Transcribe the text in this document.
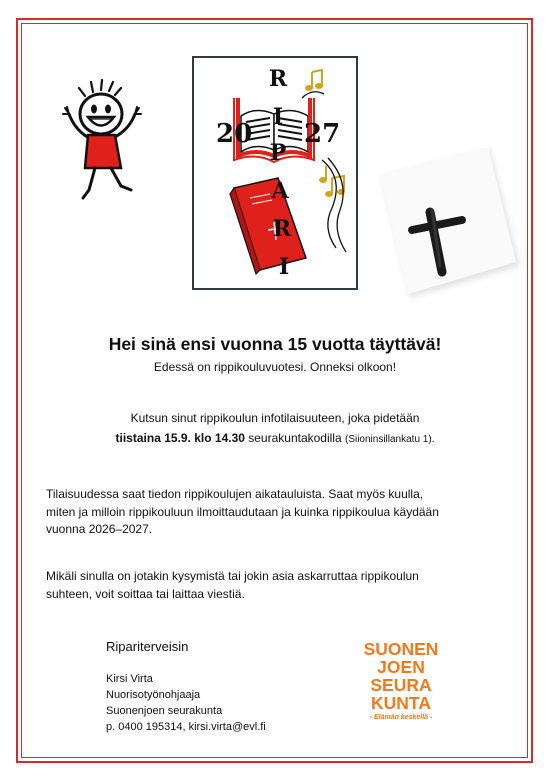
20 27
R
I
P
A
R
I
Hei sinä ensi vuonna 15 vuotta täyttävä!
Edessä on rippikouluvuotesi. Onneksi olkoon!
Kutsun sinut rippikoulun infotilaisuuteen, joka pidetään
tiistaina 15.9. klo 14.30 seurakuntakodilla (Siioninsillankatu 1).
Tilaisuudessa saat tiedon rippikoulujen aikatauluista. Saat myös kuulla,
miten ja milloin rippikouluun ilmoittaudutaan ja kuinka rippikoulua käydään
vuonna 2026–2027.
Mikäli sinulla on jotakin kysymistä tai jokin asia askarruttaa rippikoulun
suhteen, voit soittaa tai laittaa viestiä.
Ripariterveisin
Kirsi Virta
Nuorisotyönohjaaja
Suonenjoen seurakunta
p. 0400 195314, kirsi.virta@evl.fi
SUONEN
JOEN
SEURA
KUNTA
- Elämän keskellä -
